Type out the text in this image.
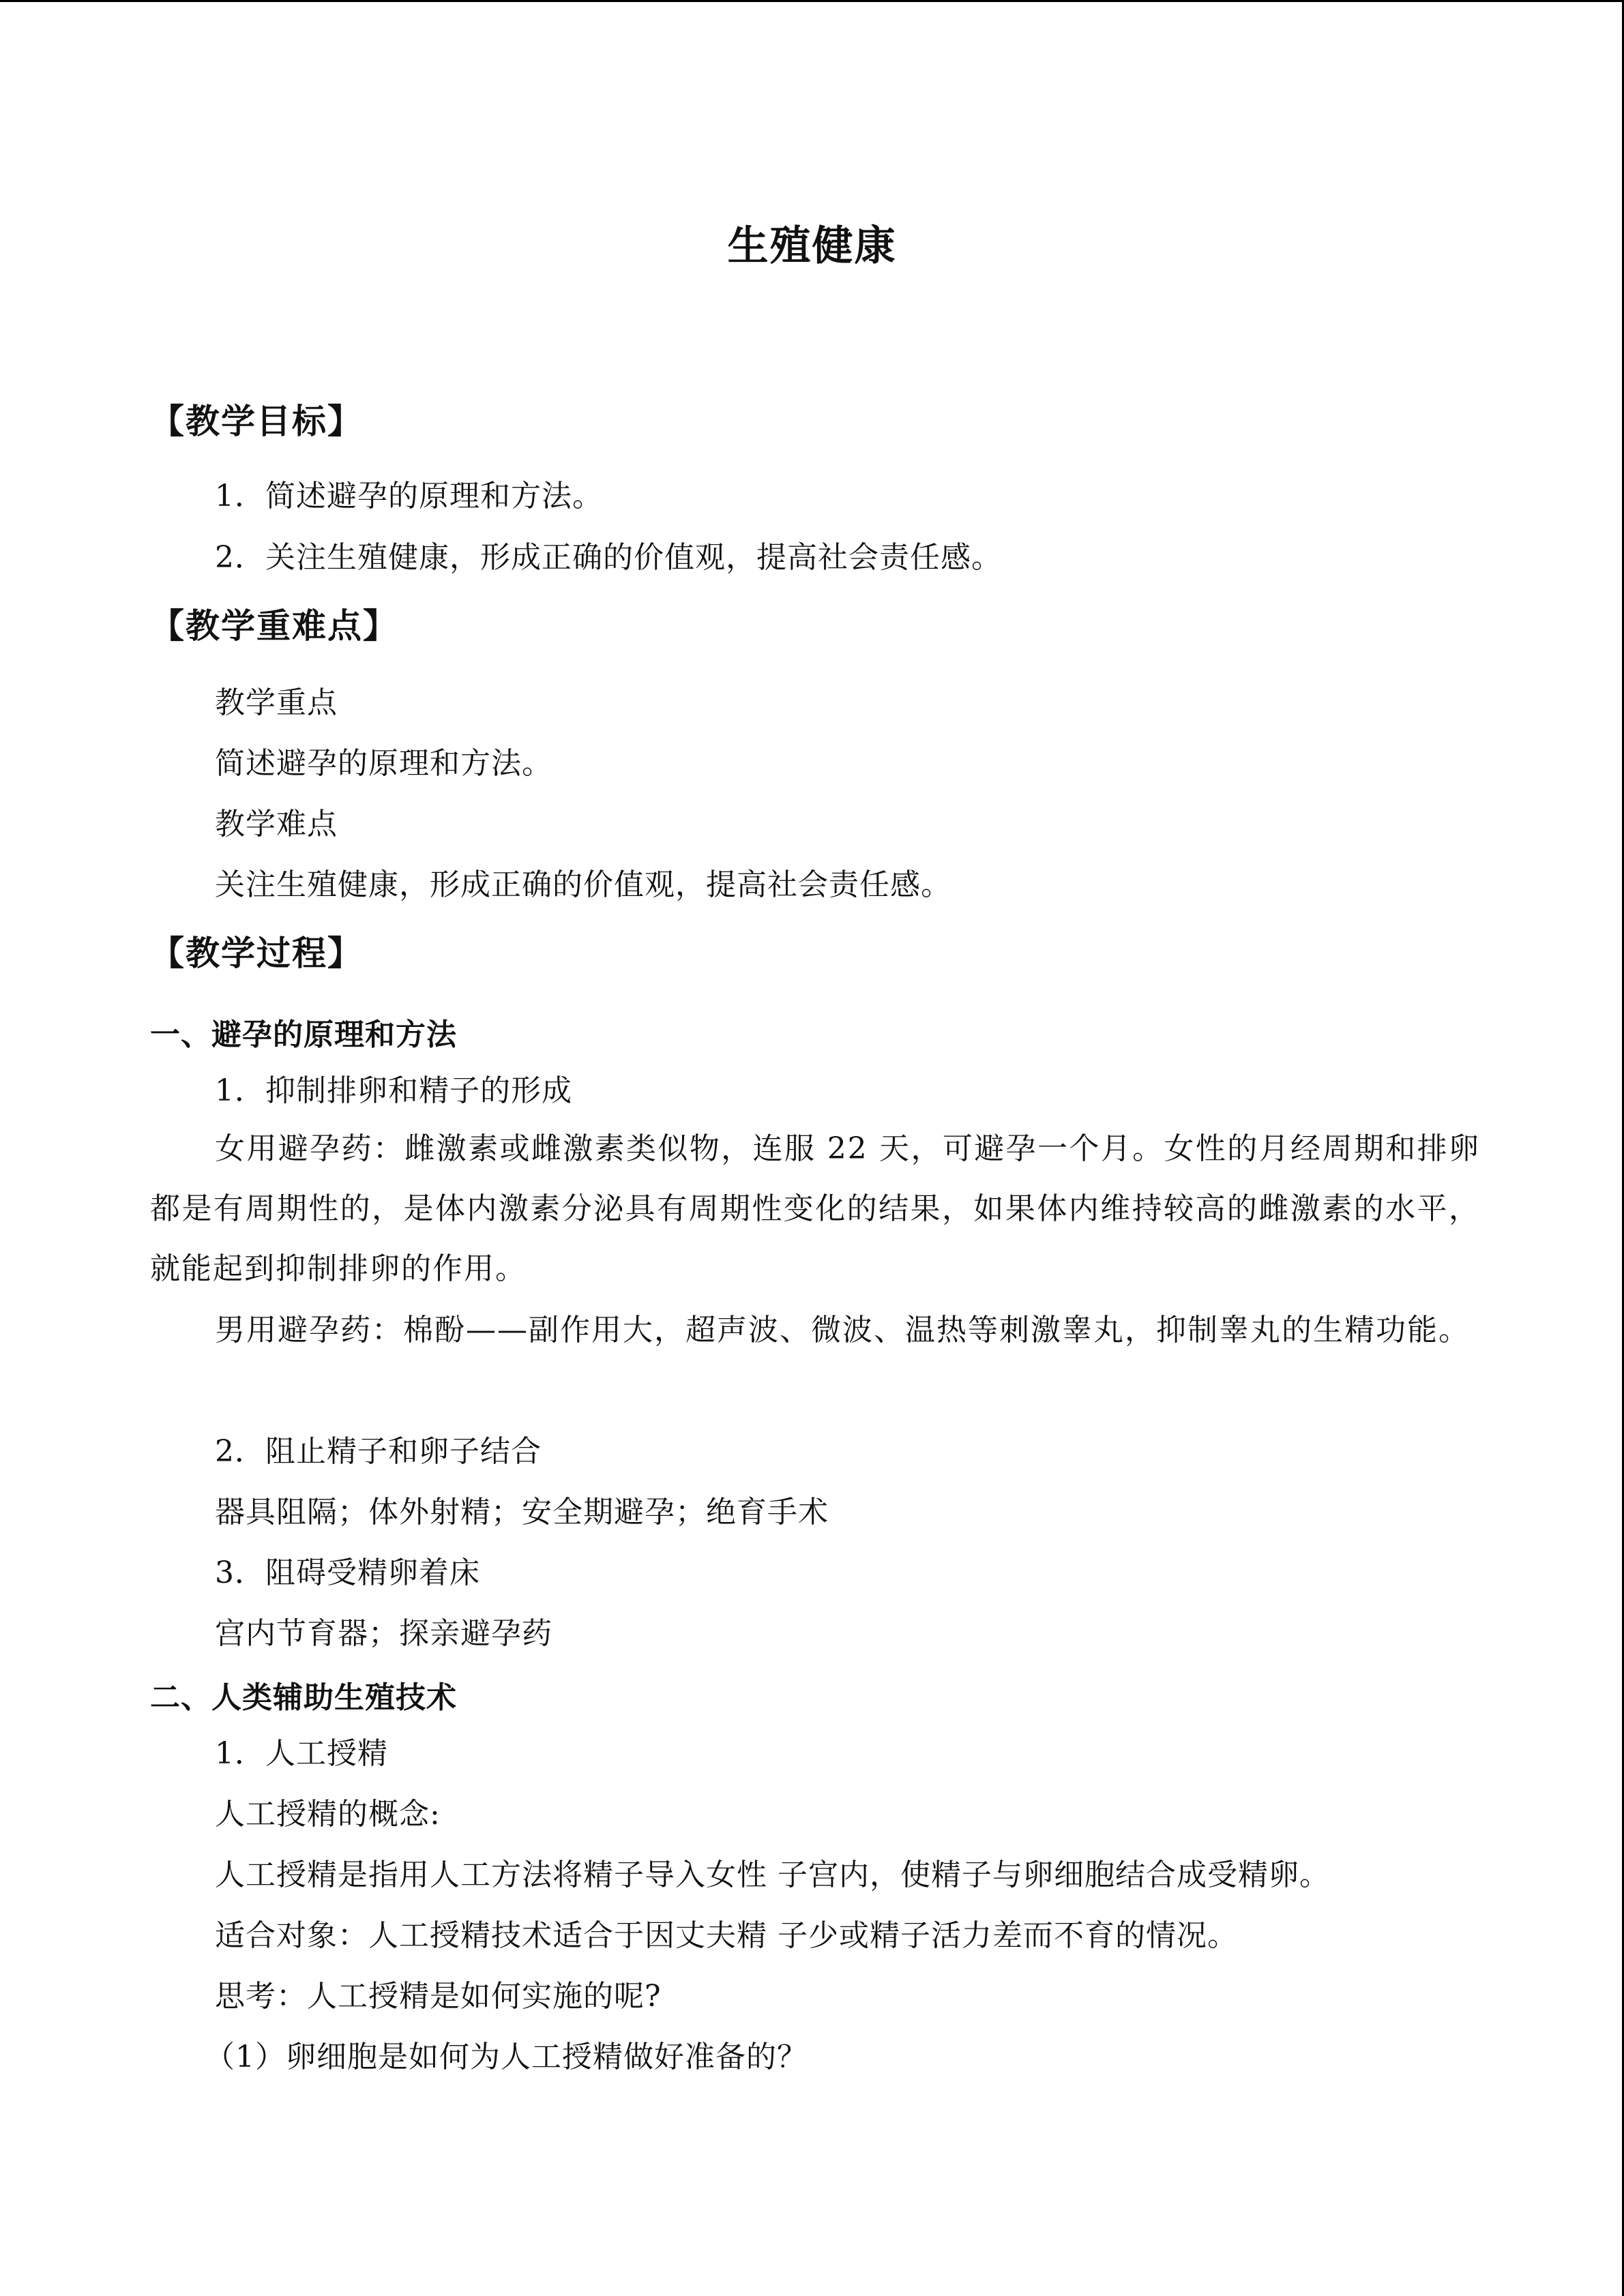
生殖健康
【教学目标】
1．简述避孕的原理和方法。
2．关注生殖健康，形成正确的价值观，提高社会责任感。
【教学重难点】
教学重点
简述避孕的原理和方法。
教学难点
关注生殖健康，形成正确的价值观，提高社会责任感。
【教学过程】
一、避孕的原理和方法
1．抑制排卵和精子的形成
女用避孕药：雌激素或雌激素类似物，连服 22 天，可避孕一个月。女性的月经周期和排卵都是有周期性的，是体内激素分泌具有周期性变化的结果，如果体内维持较高的雌激素的水平，就能起到抑制排卵的作用。
男用避孕药：棉酚——副作用大，超声波、微波、温热等刺激睾丸，抑制睾丸的生精功能。
2．阻止精子和卵子结合
器具阻隔；体外射精；安全期避孕；绝育手术
3．阻碍受精卵着床
宫内节育器；探亲避孕药
二、人类辅助生殖技术
1．人工授精
人工授精的概念:
人工授精是指用人工方法将精子导入女性 子宫内，使精子与卵细胞结合成受精卵。
适合对象：人工授精技术适合于因丈夫精 子少或精子活力差而不育的情况。
思考：人工授精是如何实施的呢?
（1）卵细胞是如何为人工授精做好准备的？
